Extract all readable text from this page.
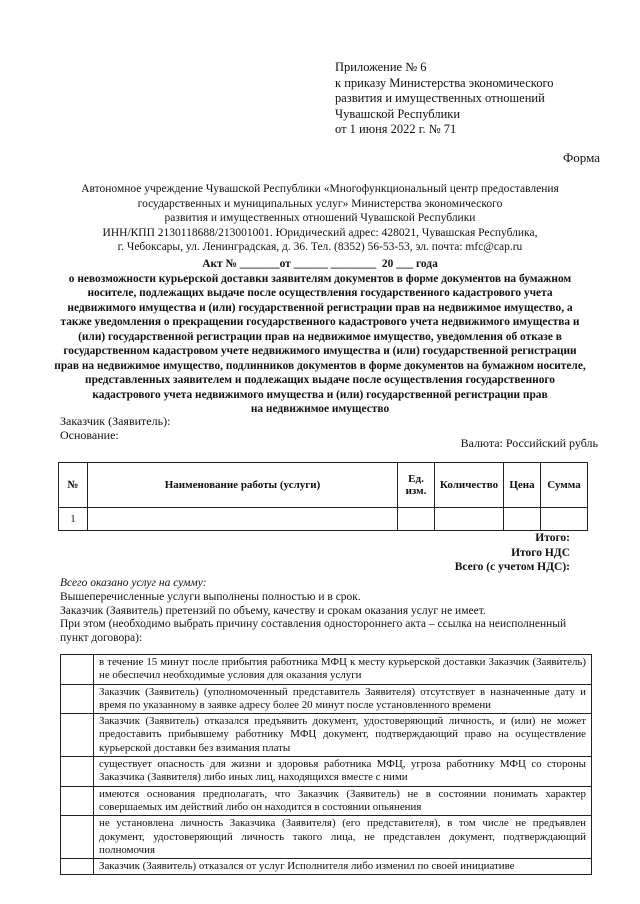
Приложение № 6
к приказу Министерства экономического
развития и имущественных отношений
Чувашской Республики
от 1 июня 2022 г. № 71
Форма
Автономное учреждение Чувашской Республики «Многофункциональный центр предоставления
государственных и муниципальных услуг» Министерства экономического
развития и имущественных отношений Чувашской Республики
ИНН/КПП 2130118688/213001001. Юридический адрес: 428021, Чувашская Республика,
г. Чебоксары, ул. Ленинградская, д. 36. Тел. (8352) 56-53-53, эл. почта: mfc@cap.ru
Акт № _______от ______ ________  20 ___ года
о невозможности курьерской доставки заявителям документов в форме документов на бумажном
носителе, подлежащих выдаче после осуществления государственного кадастрового учета
недвижимого имущества и (или) государственной регистрации прав на недвижимое имущество, а
также уведомления о прекращении государственного кадастрового учета недвижимого имущества и
(или) государственной регистрации прав на недвижимое имущество, уведомления об отказе в
государственном кадастровом учете недвижимого имущества и (или) государственной регистрации
прав на недвижимое имущество, подлинников документов в форме документов на бумажном носителе,
представленных заявителем и подлежащих выдаче после осуществления государственного
кадастрового учета недвижимого имущества и (или) государственной регистрации прав
на недвижимое имущество
Заказчик (Заявитель):
Основание:
Валюта: Российский рубль
№	Наименование работы (услуги)	Ед. изм.	Количество	Цена	Сумма
1					
Итого:
Итого НДС
Всего (с учетом НДС):
Всего оказано услуг на сумму:
Вышеперечисленные услуги выполнены полностью и в срок.
Заказчик (Заявитель) претензий по объему, качеству и срокам оказания услуг не имеет.
При этом (необходимо выбрать причину составления одностороннего акта – ссылка на неисполненный пункт договора):
	в течение 15 минут после прибытия работника МФЦ к месту курьерской доставки Заказчик (Заявитель) не обеспечил необходимые условия для оказания услуги
	Заказчик (Заявитель) (уполномоченный представитель Заявителя) отсутствует в назначенные дату и время по указанному в заявке адресу более 20 минут после установленного времени
	Заказчик (Заявитель) отказался предъявить документ, удостоверяющий личность, и (или) не может предоставить прибывшему работнику МФЦ документ, подтверждающий право на осуществление курьерской доставки без взимания платы
	существует опасность для жизни и здоровья работника МФЦ, угроза работнику МФЦ со стороны Заказчика (Заявителя) либо иных лиц, находящихся вместе с ними
	имеются основания предполагать, что Заказчик (Заявитель) не в состоянии понимать характер совершаемых им действий либо он находится в состоянии опьянения
	не установлена личность Заказчика (Заявителя) (его представителя), в том числе не предъявлен документ, удостоверяющий личность такого лица, не представлен документ, подтверждающий полномочия
	Заказчик (Заявитель) отказался от услуг Исполнителя либо изменил по своей инициативе
